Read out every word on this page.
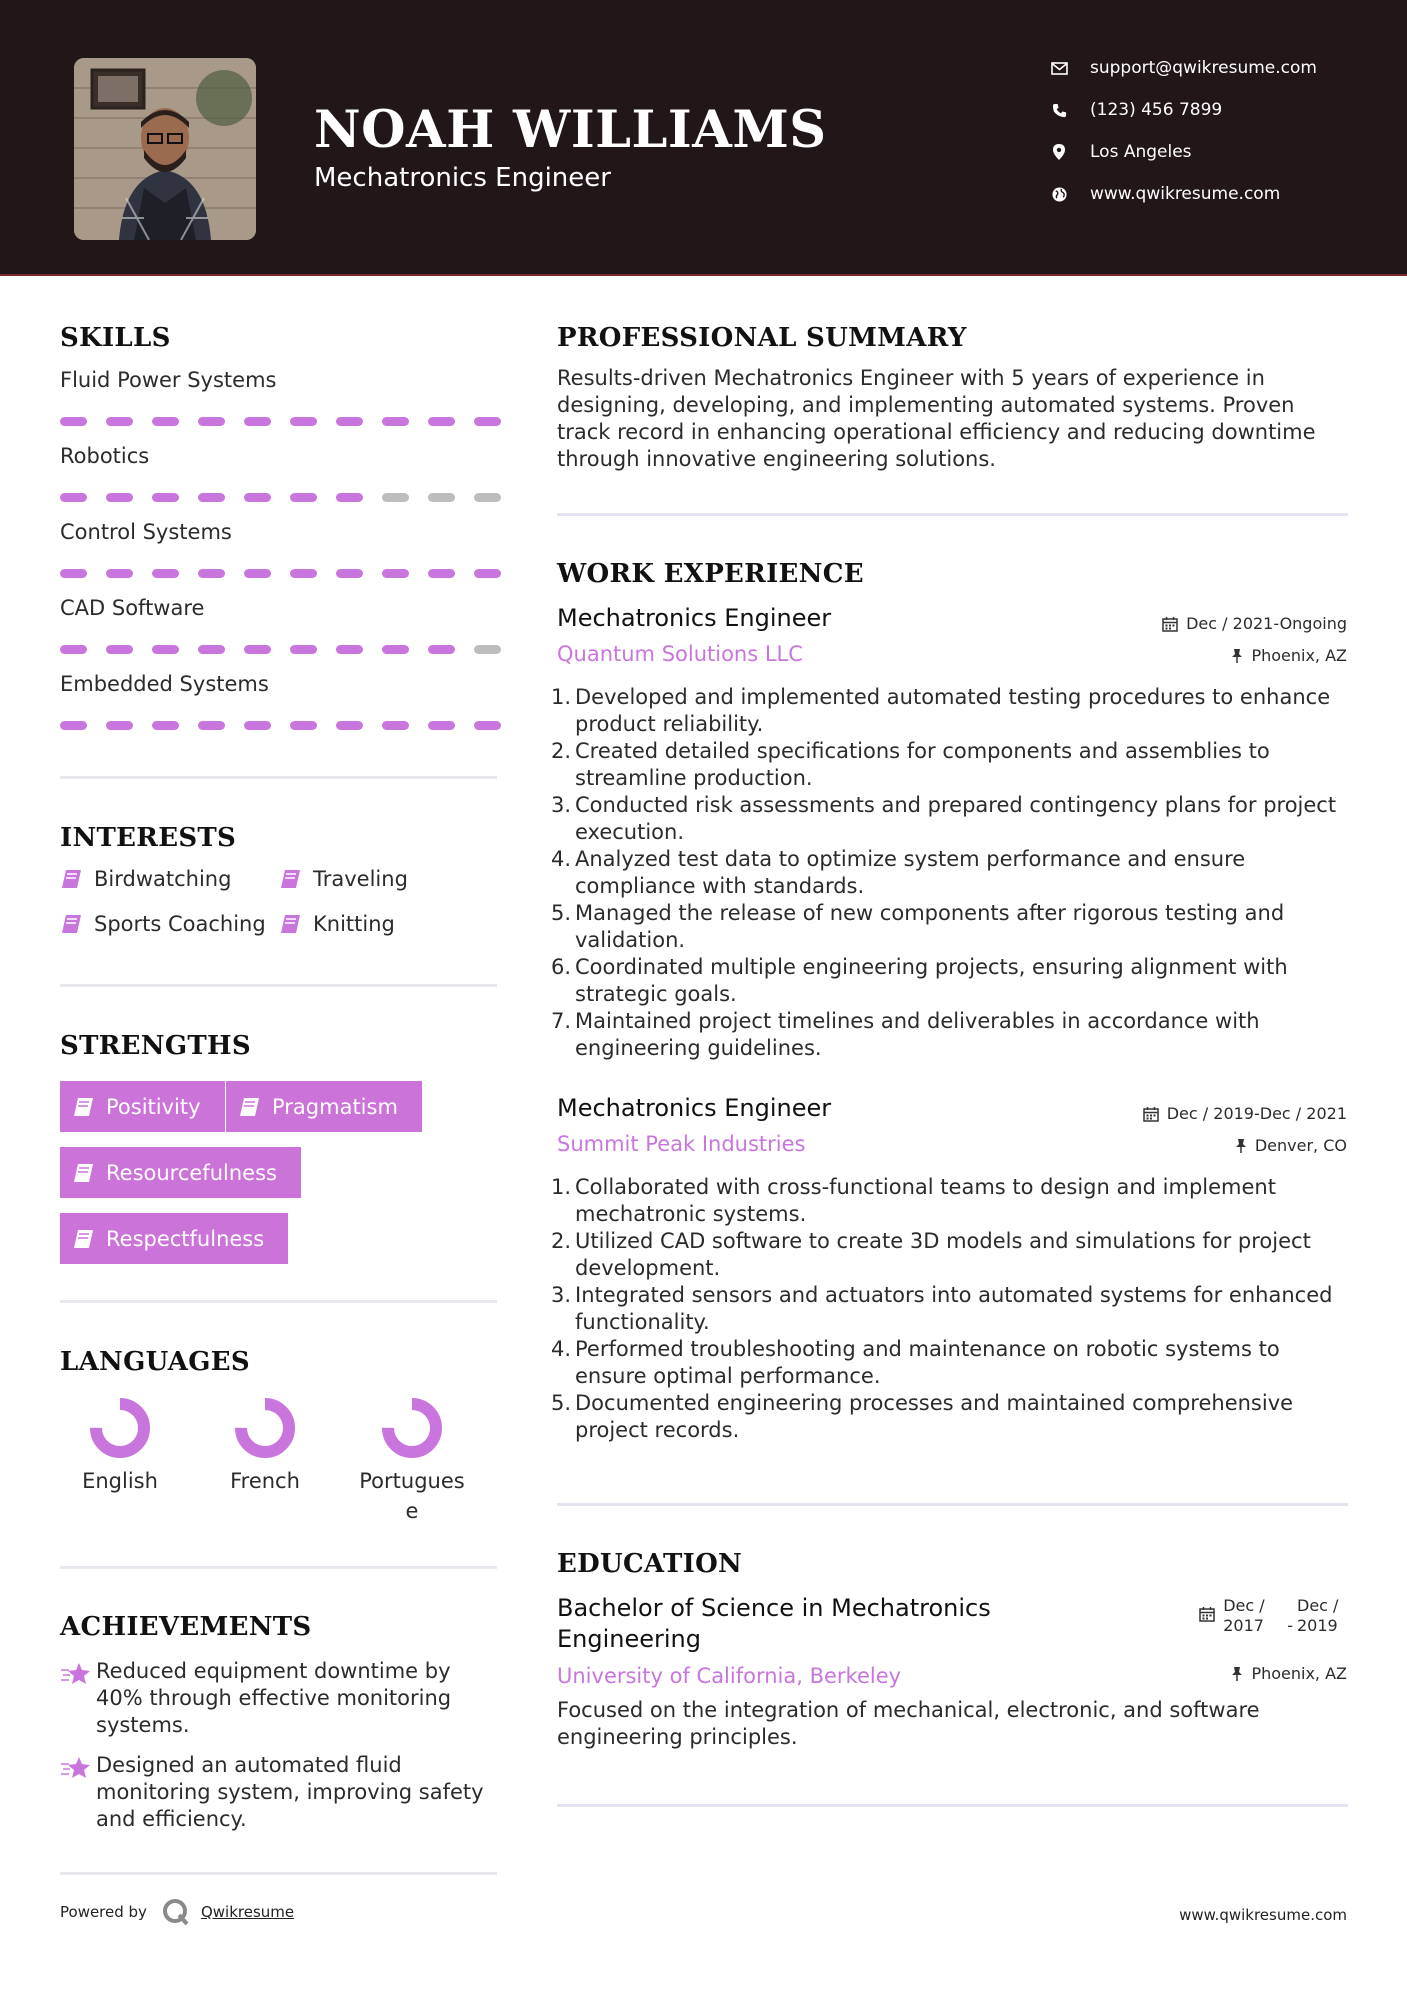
NOAH WILLIAMS
Mechatronics Engineer
support@qwikresume.com
(123) 456 7899
Los Angeles
www.qwikresume.com
SKILLS
Fluid Power Systems
Robotics
Control Systems
CAD Software
Embedded Systems
INTERESTS
Birdwatching	Traveling
Sports Coaching Knitting
STRENGTHS
Positivity	Pragmatism
Resourcefulness
Respectfulness
LANGUAGES
English	French	Portuguese
ACHIEVEMENTS
Reduced equipment downtime by 40% through effective monitoring systems.
Designed an automated fluid monitoring system, improving safety and efficiency.
PROFESSIONAL SUMMARY
Results-driven Mechatronics Engineer with 5 years of experience in designing, developing, and implementing automated systems. Proven track record in enhancing operational efficiency and reducing downtime through innovative engineering solutions.
WORK EXPERIENCE
Mechatronics Engineer
Quantum Solutions LLC
Dec / 2021-Ongoing
Phoenix, AZ
1. Developed and implemented automated testing procedures to enhance product reliability.
2. Created detailed specifications for components and assemblies to streamline production.
3. Conducted risk assessments and prepared contingency plans for project execution.
4. Analyzed test data to optimize system performance and ensure compliance with standards.
5. Managed the release of new components after rigorous testing and validation.
6. Coordinated multiple engineering projects, ensuring alignment with strategic goals.
7. Maintained project timelines and deliverables in accordance with engineering guidelines.
Mechatronics Engineer
Summit Peak Industries
Dec / 2019-Dec / 2021
Denver, CO
1. Collaborated with cross-functional teams to design and implement mechatronic systems.
2. Utilized CAD software to create 3D models and simulations for project development.
3. Integrated sensors and actuators into automated systems for enhanced functionality.
4. Performed troubleshooting and maintenance on robotic systems to ensure optimal performance.
5. Documented engineering processes and maintained comprehensive project records.
EDUCATION
Bachelor of Science in Mechatronics Engineering
University of California, Berkeley
Dec / 2017	-
Dec / 2019
Phoenix, AZ
Focused on the integration of mechanical, electronic, and software engineering principles.
Powered by	Qwikresume	www.qwikresume.com
